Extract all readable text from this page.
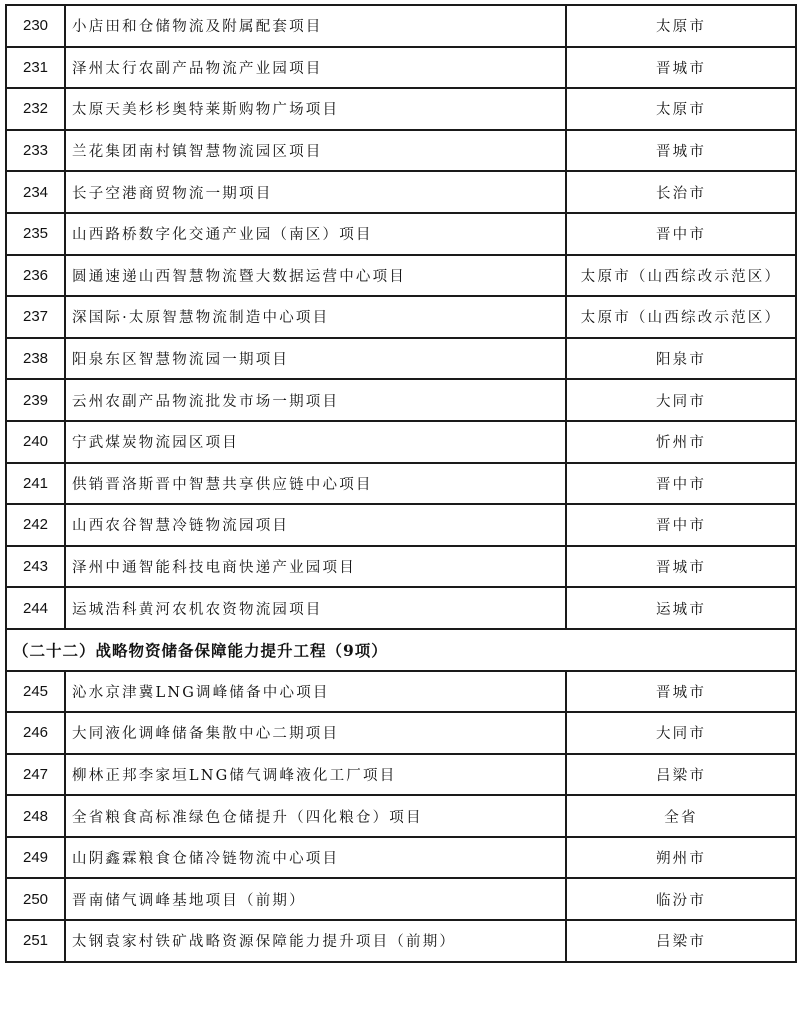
230	小店田和仓储物流及附属配套项目	太原市
231	泽州太行农副产品物流产业园项目	晋城市
232	太原天美杉杉奥特莱斯购物广场项目	太原市
233	兰花集团南村镇智慧物流园区项目	晋城市
234	长子空港商贸物流一期项目	长治市
235	山西路桥数字化交通产业园（南区）项目	晋中市
236	圆通速递山西智慧物流暨大数据运营中心项目	太原市（山西综改示范区）
237	深国际·太原智慧物流制造中心项目	太原市（山西综改示范区）
238	阳泉东区智慧物流园一期项目	阳泉市
239	云州农副产品物流批发市场一期项目	大同市
240	宁武煤炭物流园区项目	忻州市
241	供销晋洛斯晋中智慧共享供应链中心项目	晋中市
242	山西农谷智慧冷链物流园项目	晋中市
243	泽州中通智能科技电商快递产业园项目	晋城市
244	运城浩科黄河农机农资物流园项目	运城市
（二十二）战略物资储备保障能力提升工程（9项）		
245	沁水京津冀LNG调峰储备中心项目	晋城市
246	大同液化调峰储备集散中心二期项目	大同市
247	柳林正邦李家垣LNG储气调峰液化工厂项目	吕梁市
248	全省粮食高标准绿色仓储提升（四化粮仓）项目	全省
249	山阴鑫霖粮食仓储冷链物流中心项目	朔州市
250	晋南储气调峰基地项目（前期）	临汾市
251	太钢袁家村铁矿战略资源保障能力提升项目（前期）	吕梁市
